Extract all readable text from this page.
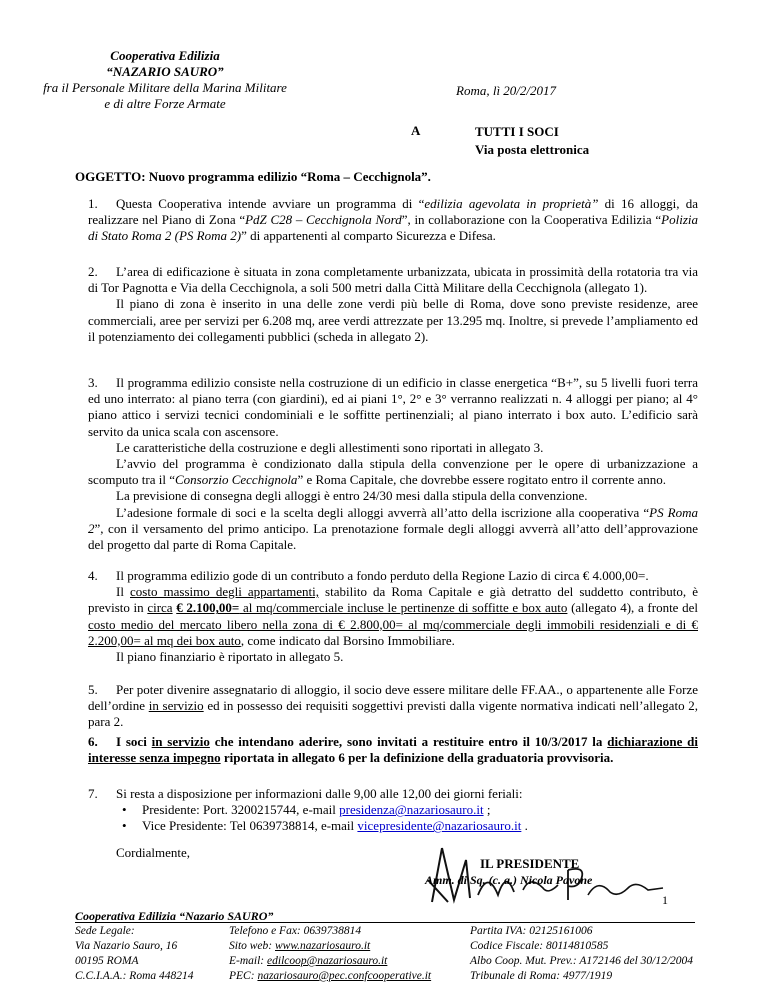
Cooperativa Edilizia
“NAZARIO SAURO”
fra il Personale Militare della Marina Militare
e di altre Forze Armate
Roma, lì 20/2/2017
A	TUTTI I SOCI
Via posta elettronica
OGGETTO: Nuovo programma edilizio “Roma – Cecchignola”.
1.	Questa Cooperativa intende avviare un programma di “edilizia agevolata in proprietà” di 16 alloggi, da realizzare nel Piano di Zona “PdZ C28 – Cecchignola Nord”, in collaborazione con la Cooperativa Edilizia “Polizia di Stato Roma 2 (PS Roma 2)” di appartenenti al comparto Sicurezza e Difesa.

2.	L’area di edificazione è situata in zona completamente urbanizzata, ubicata in prossimità della rotatoria tra via di Tor Pagnotta e Via della Cecchignola, a soli 500 metri dalla Città Militare della Cecchignola (allegato 1).

Il piano di zona è inserito in una delle zone verdi più belle di Roma, dove sono previste residenze, aree commerciali, aree per servizi per 6.208 mq, aree verdi attrezzate per 13.295 mq. Inoltre, si prevede l’ampliamento ed il potenziamento dei collegamenti pubblici (scheda in allegato 2).

3.	Il programma edilizio consiste nella costruzione di un edificio in classe energetica “B+”, su 5 livelli fuori terra ed uno interrato: al piano terra (con giardini), ed ai piani 1°, 2° e 3° verranno realizzati n. 4 alloggi per piano; al 4° piano attico i servizi tecnici condominiali e le soffitte pertinenziali; al piano interrato i box auto. L’edificio sarà servito da unica scala con ascensore.

Le caratteristiche della costruzione e degli allestimenti sono riportati in allegato 3.

L’avvio del programma è condizionato dalla stipula della convenzione per le opere di urbanizzazione a scomputo tra il “Consorzio Cecchignola” e Roma Capitale, che dovrebbe essere rogitato entro il corrente anno.

La previsione di consegna degli alloggi è entro 24/30 mesi dalla stipula della convenzione.

L’adesione formale di soci e la scelta degli alloggi avverrà all’atto della iscrizione alla cooperativa “PS Roma 2”, con il versamento del primo anticipo. La prenotazione formale degli alloggi avverrà all’atto dell’approvazione del progetto dal parte di Roma Capitale.

4.	Il programma edilizio gode di un contributo a fondo perduto della Regione Lazio di circa € 4.000,00=.

Il costo massimo degli appartamenti, stabilito da Roma Capitale e già detratto del suddetto contributo, è previsto in circa € 2.100,00= al mq/commerciale incluse le pertinenze di soffitte e box auto (allegato 4), a fronte del costo medio del mercato libero nella zona di € 2.800,00= al mq/commerciale degli immobili residenziali e di € 2.200,00= al mq dei box auto, come indicato dal Borsino Immobiliare.

Il piano finanziario è riportato in allegato 5.

5.	Per poter divenire assegnatario di alloggio, il socio deve essere militare delle FF.AA., o appartenente alle Forze dell’ordine in servizio ed in possesso dei requisiti soggettivi previsti dalla vigente normativa indicati nell’allegato 2, para 2.

6.	I soci in servizio che intendano aderire, sono invitati a restituire entro il 10/3/2017 la dichiarazione di interesse senza impegno riportata in allegato 6 per la definizione della graduatoria provvisoria.

7. Si resta a disposizione per informazioni dalle 9,00 alle 12,00 dei giorni feriali:
• Presidente: Port. 3200215744, e-mail presidenza@nazariosauro.it ;
• Vice Presidente: Tel 0639738814, e-mail vicepresidente@nazariosauro.it .
Cordialmente,
IL PRESIDENTE
Amm. di Sq. (c. a.) Nicola Pavone
1
Cooperativa Edilizia “Nazario SAURO”
Sede Legale:
Via Nazario Sauro, 16
00195 ROMA
C.C.I.A.A.: Roma 448214
Telefono e Fax: 0639738814
Sito web: www.nazariosauro.it
E-mail: edilcoop@nazariosauro.it
PEC: nazariosauro@pec.confcooperative.it
Partita IVA: 02125161006
Codice Fiscale: 80114810585
Albo Coop. Mut. Prev.: A172146 del 30/12/2004
Tribunale di Roma: 4977/1919
